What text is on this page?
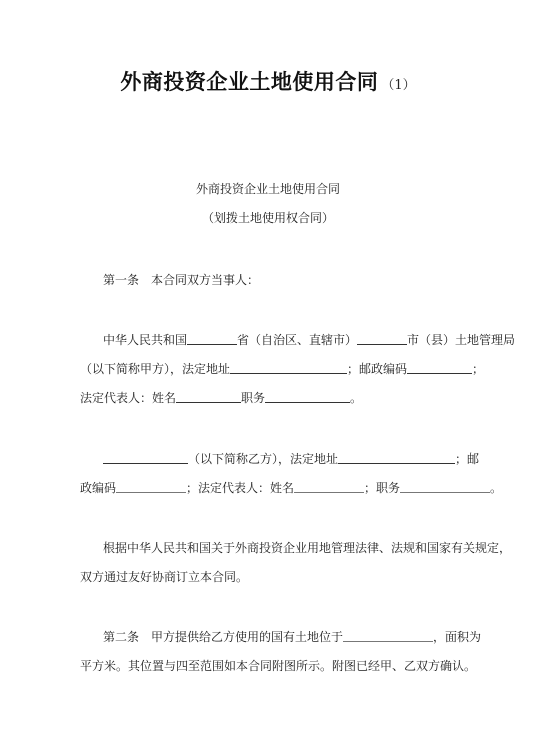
外商投资企业土地使用合同 （1）
外商投资企业土地使用合同
（划拨土地使用权合同）
第一条　本合同双方当事人：
中华人民共和国	省（自治区、直辖市）	市（县）土地管理局
（以下简称甲方），法定地址	；邮政编码	；
法定代表人：姓名	职务	。
（以下简称乙方），法定地址	；邮
政编码	；法定代表人：姓名	；职务	。
根据中华人民共和国关于外商投资企业用地管理法律、法规和国家有关规定，
双方通过友好协商订立本合同。
第二条　甲方提供给乙方使用的国有土地位于	，面积为
平方米。其位置与四至范围如本合同附图所示。附图已经甲、乙双方确认。
